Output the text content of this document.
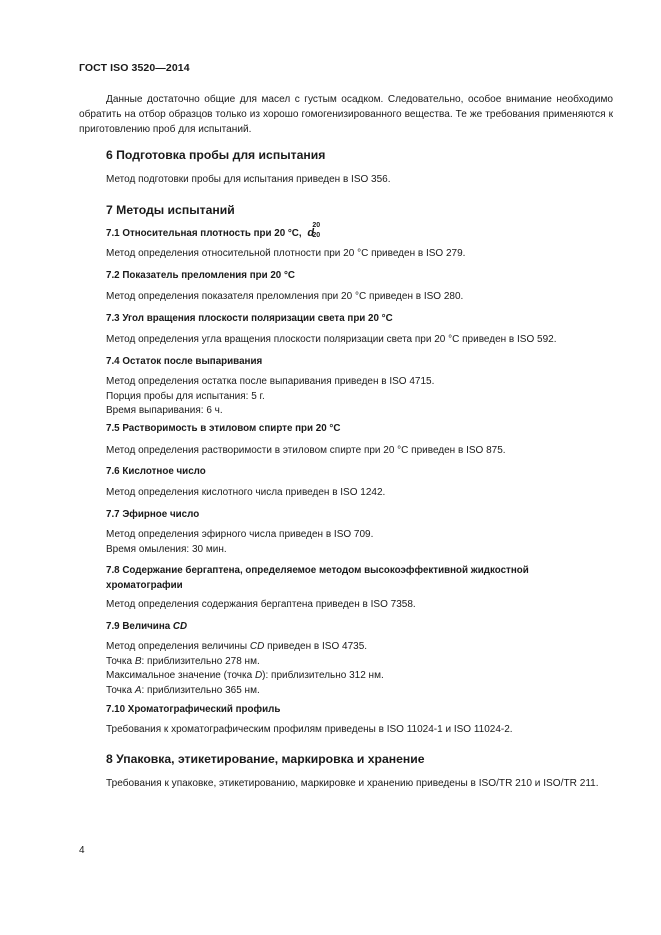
ГОСТ ISO 3520—2014
Данные достаточно общие для масел с густым осадком. Следовательно, особое внимание необходимо обратить на отбор образцов только из хорошо гомогенизированного вещества. Те же требования применяются к приготовлению проб для испытаний.
6 Подготовка пробы для испытания
Метод подготовки пробы для испытания приведен в ISO 356.
7 Методы испытаний
7.1 Относительная плотность при 20 °С, d
20
20
Метод определения относительной плотности при 20 °С приведен в ISO 279.
7.2 Показатель преломления при 20 °С
Метод определения показателя преломления при 20 °С приведен в ISO 280.
7.3 Угол вращения плоскости поляризации света при 20 °С
Метод определения угла вращения плоскости поляризации света при 20 °С приведен в ISO 592.
7.4 Остаток после выпаривания
Метод определения остатка после выпаривания приведен в ISO 4715.
Порция пробы для испытания: 5 г.
Время выпаривания: 6 ч.
7.5 Растворимость в этиловом спирте при 20 °С
Метод определения растворимости в этиловом спирте при 20 °С приведен в ISO 875.
7.6 Кислотное число
Метод определения кислотного числа приведен в ISO 1242.
7.7 Эфирное число
Метод определения эфирного числа приведен в ISO 709.
Время омыления: 30 мин.
7.8 Содержание бергаптена, определяемое методом высокоэффективной жидкостной
хроматографии
Метод определения содержания бергаптена приведен в ISO 7358.
7.9 Величина CD
Метод определения величины CD приведен в ISO 4735.
Точка B: приблизительно 278 нм.
Максимальное значение (точка D): приблизительно 312 нм.
Точка A: приблизительно 365 нм.
7.10 Хроматографический профиль
Требования к хроматографическим профилям приведены в ISO 11024-1 и ISO 11024-2.
8 Упаковка, этикетирование, маркировка и хранение
Требования к упаковке, этикетированию, маркировке и хранению приведены в ISO/TR 210 и ISO/TR 211.
4
